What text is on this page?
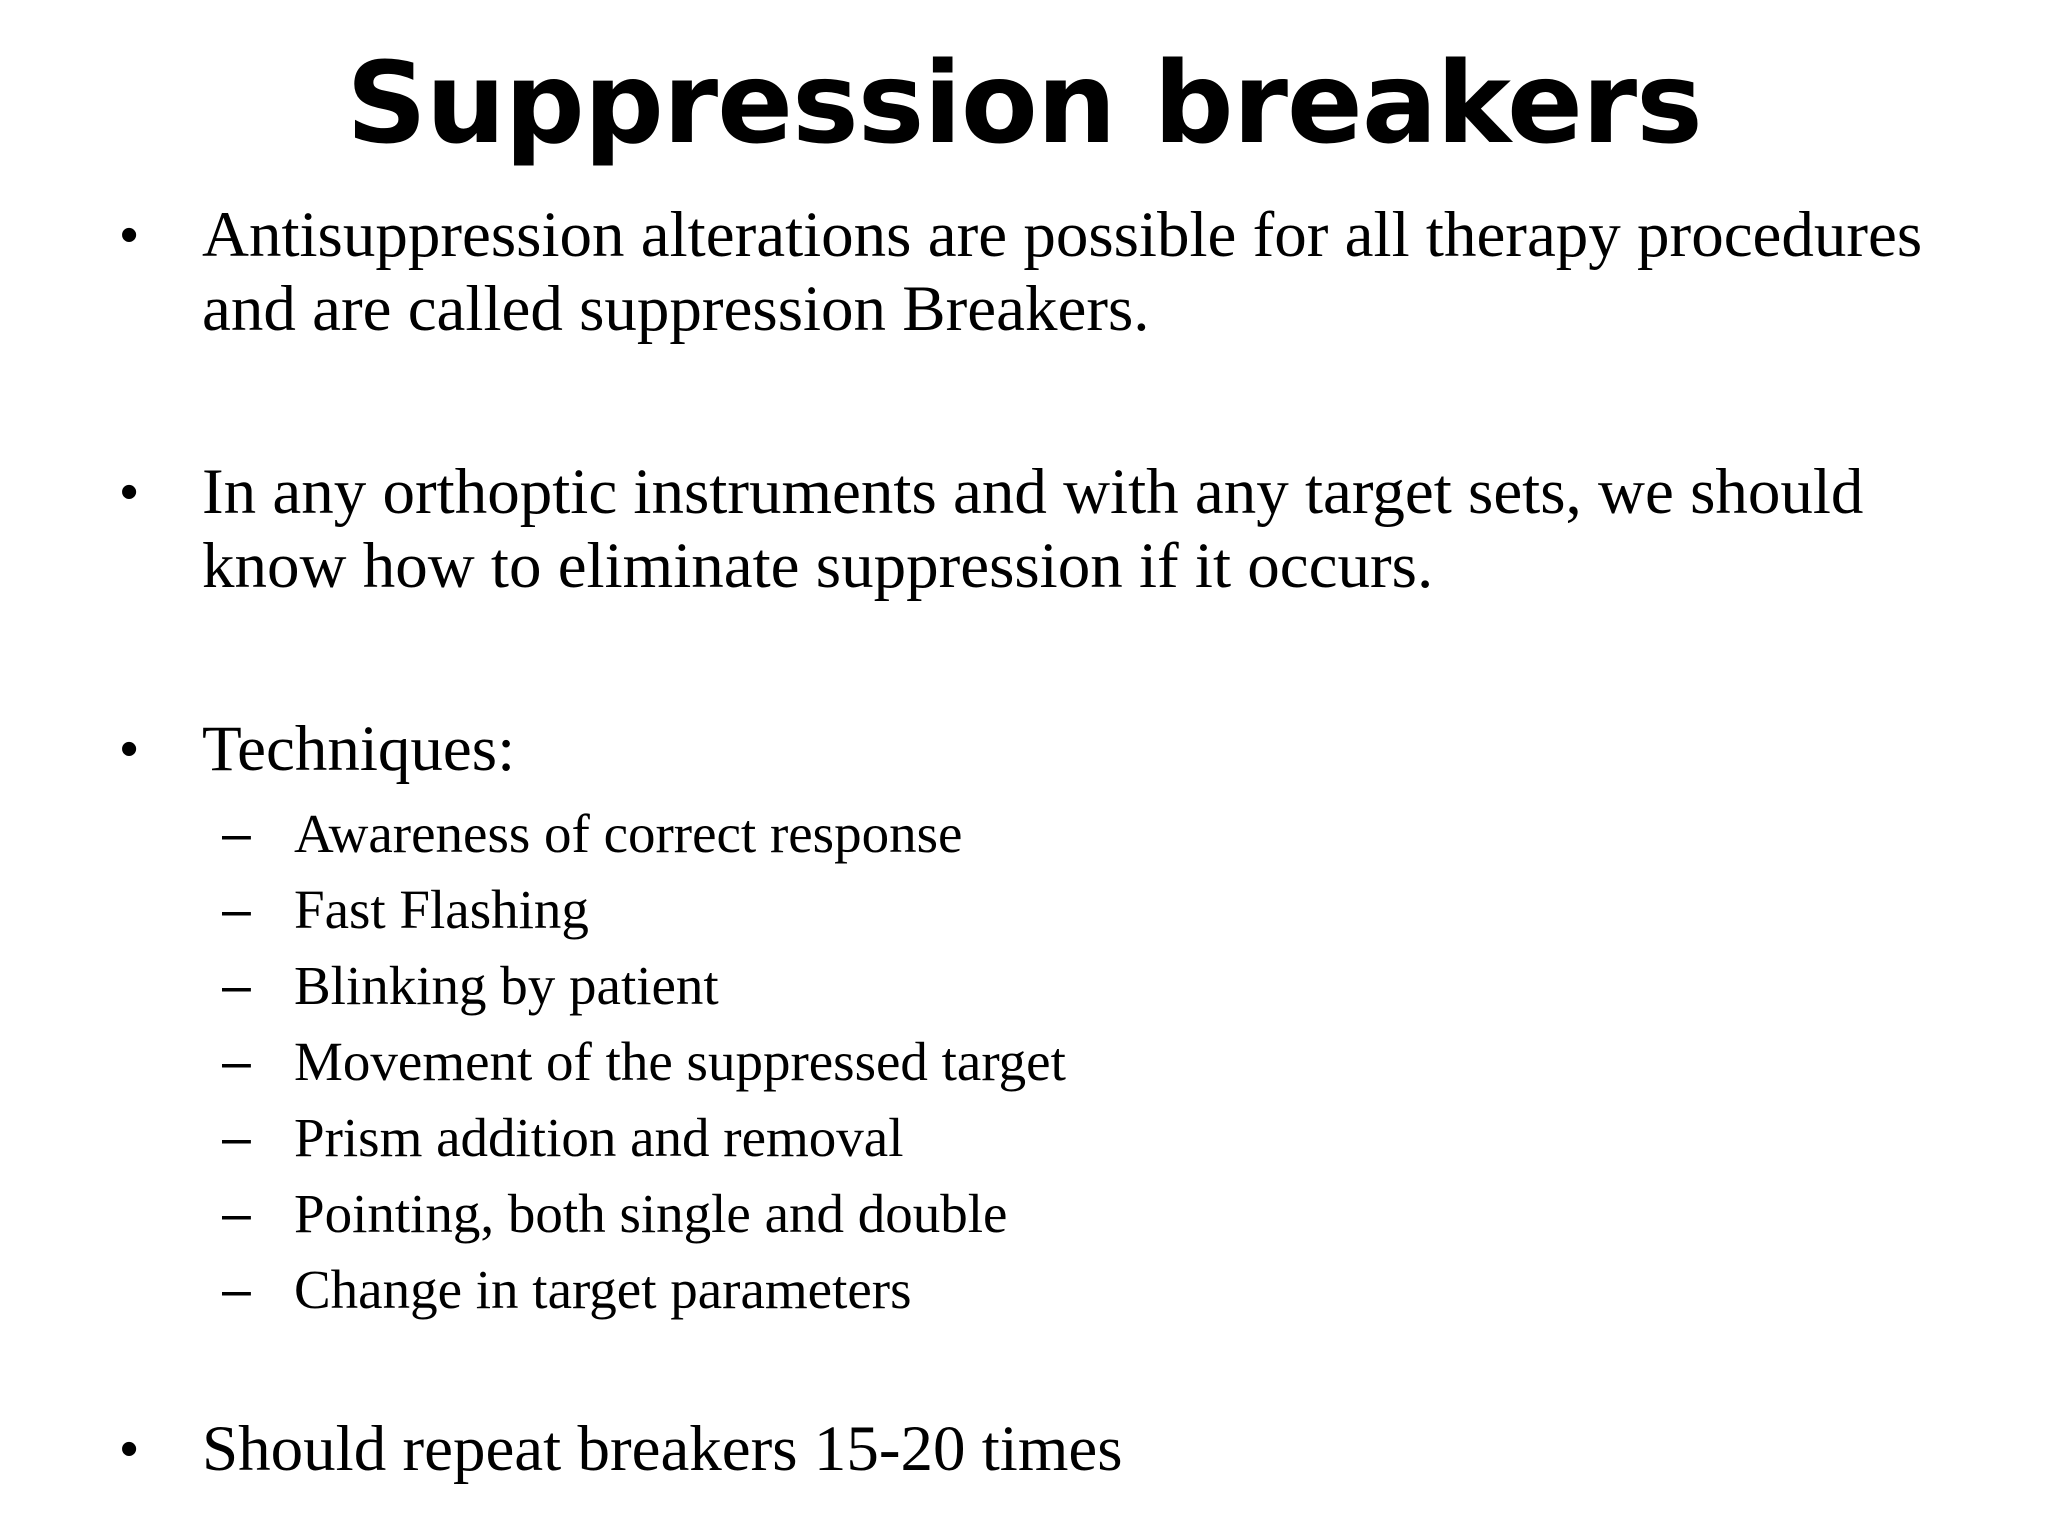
Suppression breakers
• Antisuppression alterations are possible for all therapy procedures and are called suppression Breakers.
• In any orthoptic instruments and with any target sets, we should know how to eliminate suppression if it occurs.
• Techniques:
– Awareness of correct response
– Fast Flashing
– Blinking by patient
– Movement of the suppressed target
– Prism addition and removal
– Pointing, both single and double
– Change in target parameters
• Should repeat breakers 15-20 times
